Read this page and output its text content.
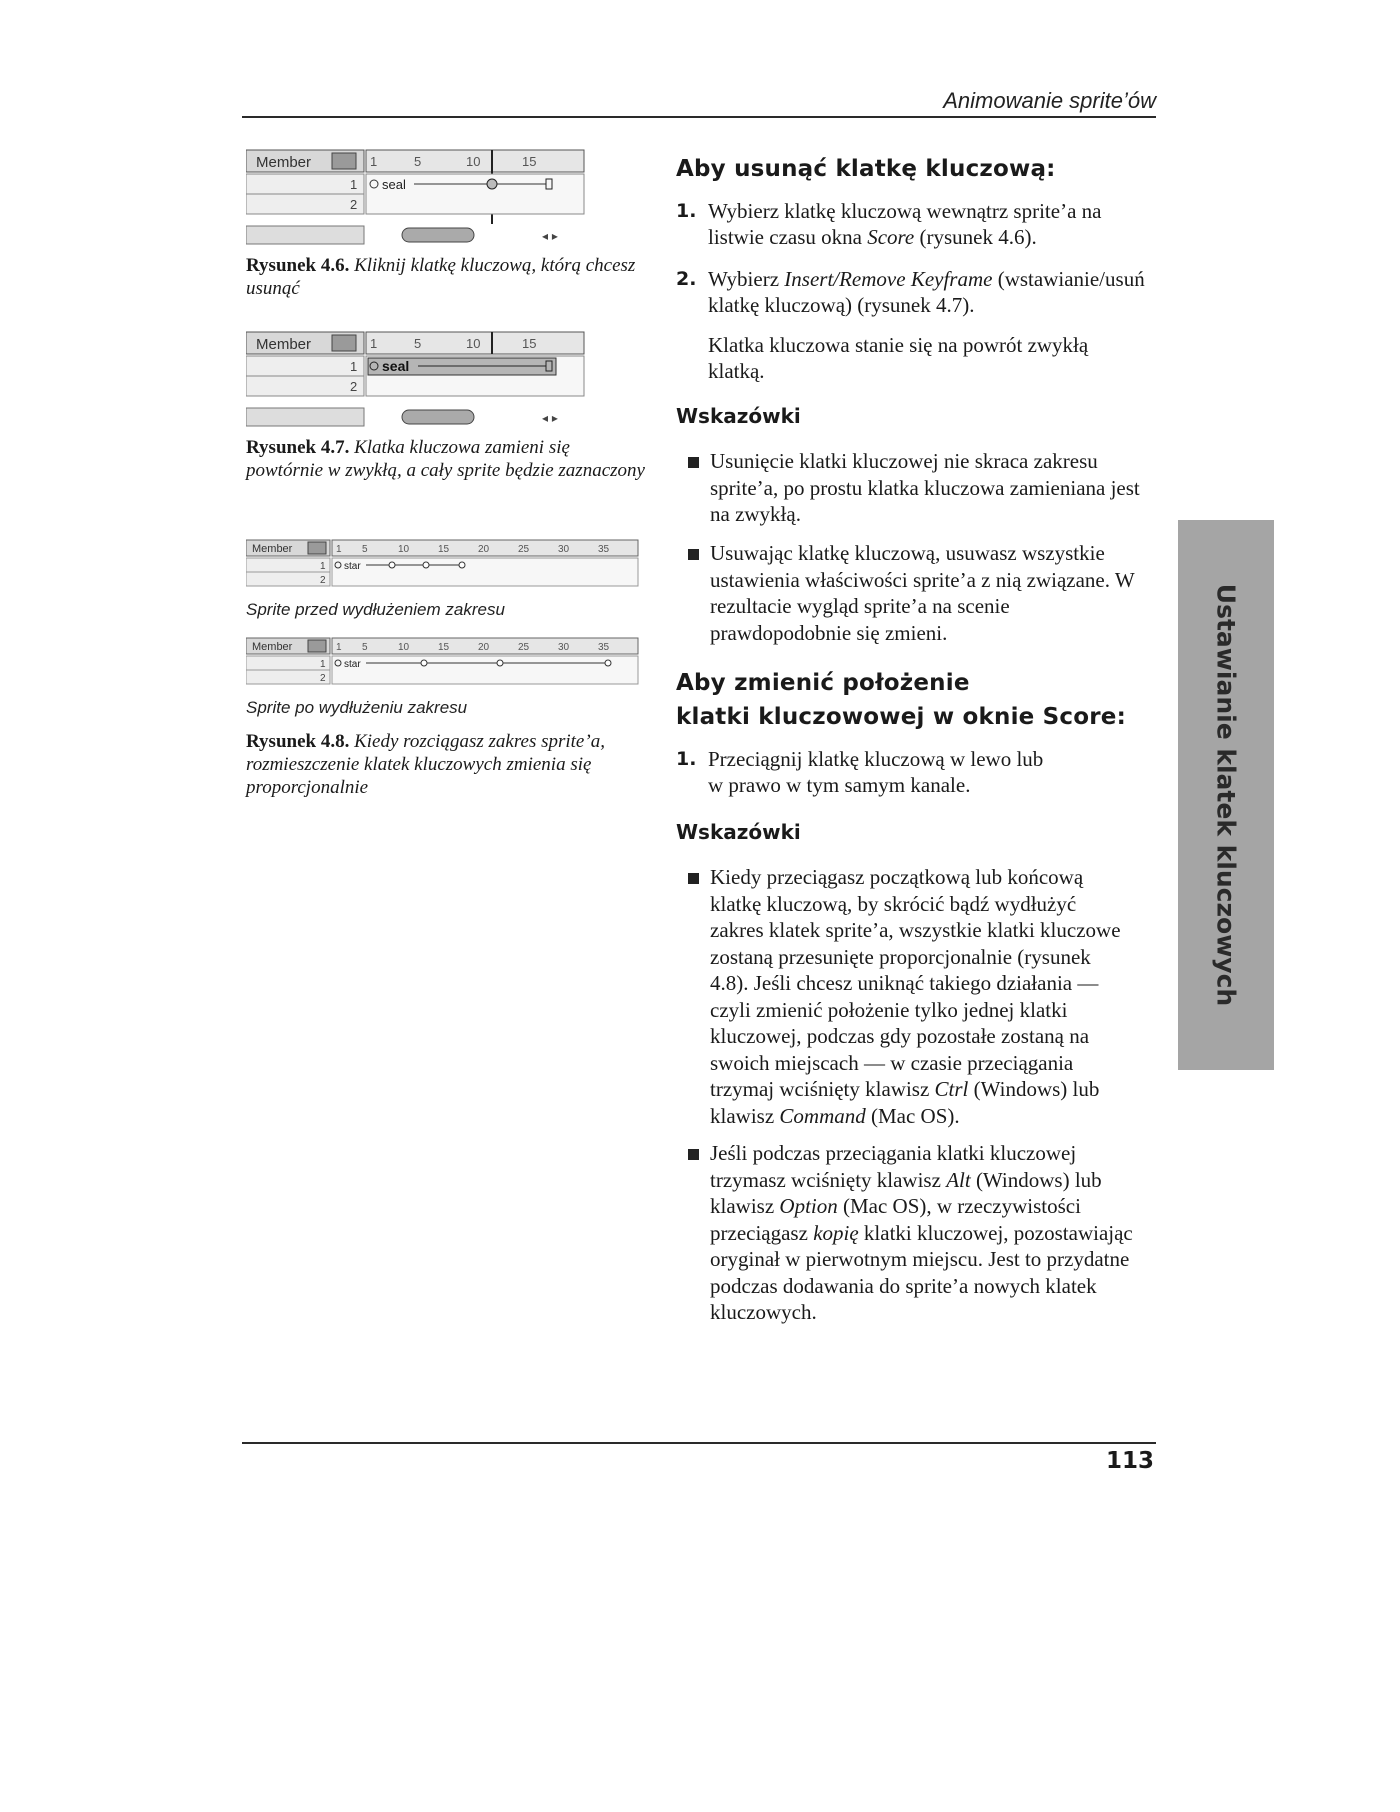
Animowanie sprite’ów
Member	1	5	10	15
1
2
seal
◂ ▸
Rysunek 4.6. Kliknij klatkę kluczową, którą chcesz usunąć
Member	1	5	10	15
1
2
seal
◂ ▸
Rysunek 4.7. Klatka kluczowa zamieni się powtórnie w zwykłą, a cały sprite będzie zaznaczony
Member	1 5	10	15	20	25	30	35
1
2
star
Sprite przed wydłużeniem zakresu
Member	1 5	10	15	20	25	30	35
1
2
star
Sprite po wydłużeniu zakresu
Rysunek 4.8. Kiedy rozciągasz zakres sprite’a, rozmieszczenie klatek kluczowych zmienia się proporcjonalnie
Aby usunąć klatkę kluczową:
1. Wybierz klatkę kluczową wewnątrz sprite’a na listwie czasu okna Score (rysunek 4.6).
2. Wybierz Insert/Remove Keyframe (wstawianie/usuń klatkę kluczową) (rysunek 4.7).
Klatka kluczowa stanie się na powrót zwykłą klatką.
Wskazówki
Usunięcie klatki kluczowej nie skraca zakresu sprite’a, po prostu klatka kluczowa zamieniana jest na zwykłą.
Usuwając klatkę kluczową, usuwasz wszystkie ustawienia właściwości sprite’a z nią związane. W rezultacie wygląd sprite’a na scenie prawdopodobnie się zmieni.
Aby zmienić położenie
klatki kluczowowej w oknie Score:
1. Przeciągnij klatkę kluczową w lewo lub w prawo w tym samym kanale.
Wskazówki
Kiedy przeciągasz początkową lub końcową klatkę kluczową, by skrócić bądź wydłużyć zakres klatek sprite’a, wszystkie klatki kluczowe zostaną przesunięte proporcjonalnie (rysunek 4.8). Jeśli chcesz uniknąć takiego działania — czyli zmienić położenie tylko jednej klatki kluczowej, podczas gdy pozostałe zostaną na swoich miejscach — w czasie przeciągania trzymaj wciśnięty klawisz Ctrl (Windows) lub klawisz Command (Mac OS).
Jeśli podczas przeciągania klatki kluczowej trzymasz wciśnięty klawisz Alt (Windows) lub klawisz Option (Mac OS), w rzeczywistości przeciągasz kopię klatki kluczowej, pozostawiając oryginał w pierwotnym miejscu. Jest to przydatne podczas dodawania do sprite’a nowych klatek kluczowych.
Ustawianie klatek kluczowych
113
